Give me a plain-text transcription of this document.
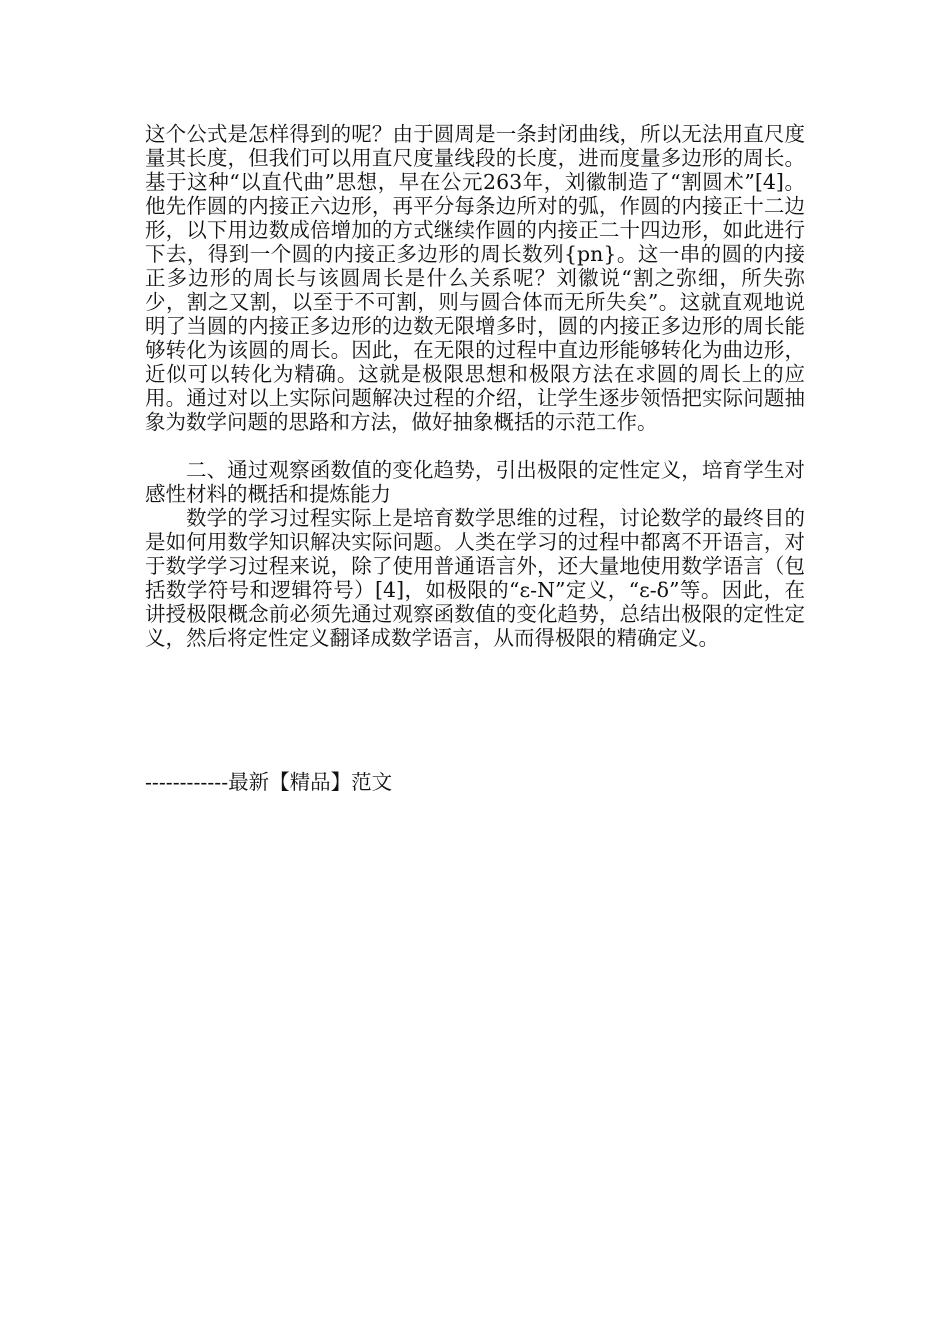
这个公式是怎样得到的呢？由于圆周是一条封闭曲线，所以无法用直尺度量其长度，但我们可以用直尺度量线段的长度，进而度量多边形的周长。基于这种“以直代曲”思想，早在公元263年，刘徽制造了“割圆术”[4]。他先作圆的内接正六边形，再平分每条边所对的弧，作圆的内接正十二边形，以下用边数成倍增加的方式继续作圆的内接正二十四边形，如此进行下去，得到一个圆的内接正多边形的周长数列{pn}。这一串的圆的内接正多边形的周长与该圆周长是什么关系呢？刘徽说“割之弥细，所失弥少，割之又割，以至于不可割，则与圆合体而无所失矣”。这就直观地说明了当圆的内接正多边形的边数无限增多时，圆的内接正多边形的周长能够转化为该圆的周长。因此，在无限的过程中直边形能够转化为曲边形，近似可以转化为精确。这就是极限思想和极限方法在求圆的周长上的应用。通过对以上实际问题解决过程的介绍，让学生逐步领悟把实际问题抽象为数学问题的思路和方法，做好抽象概括的示范工作。

二、通过观察函数值的变化趋势，引出极限的定性定义，培育学生对感性材料的概括和提炼能力

数学的学习过程实际上是培育数学思维的过程，讨论数学的最终目的是如何用数学知识解决实际问题。人类在学习的过程中都离不开语言，对于数学学习过程来说，除了使用普通语言外，还大量地使用数学语言（包括数学符号和逻辑符号）[4]，如极限的“ε-N”定义，“ε-δ”等。因此，在讲授极限概念前必须先通过观察函数值的变化趋势，总结出极限的定性定义，然后将定性定义翻译成数学语言，从而得极限的精确定义。

------------最新【精品】范文
